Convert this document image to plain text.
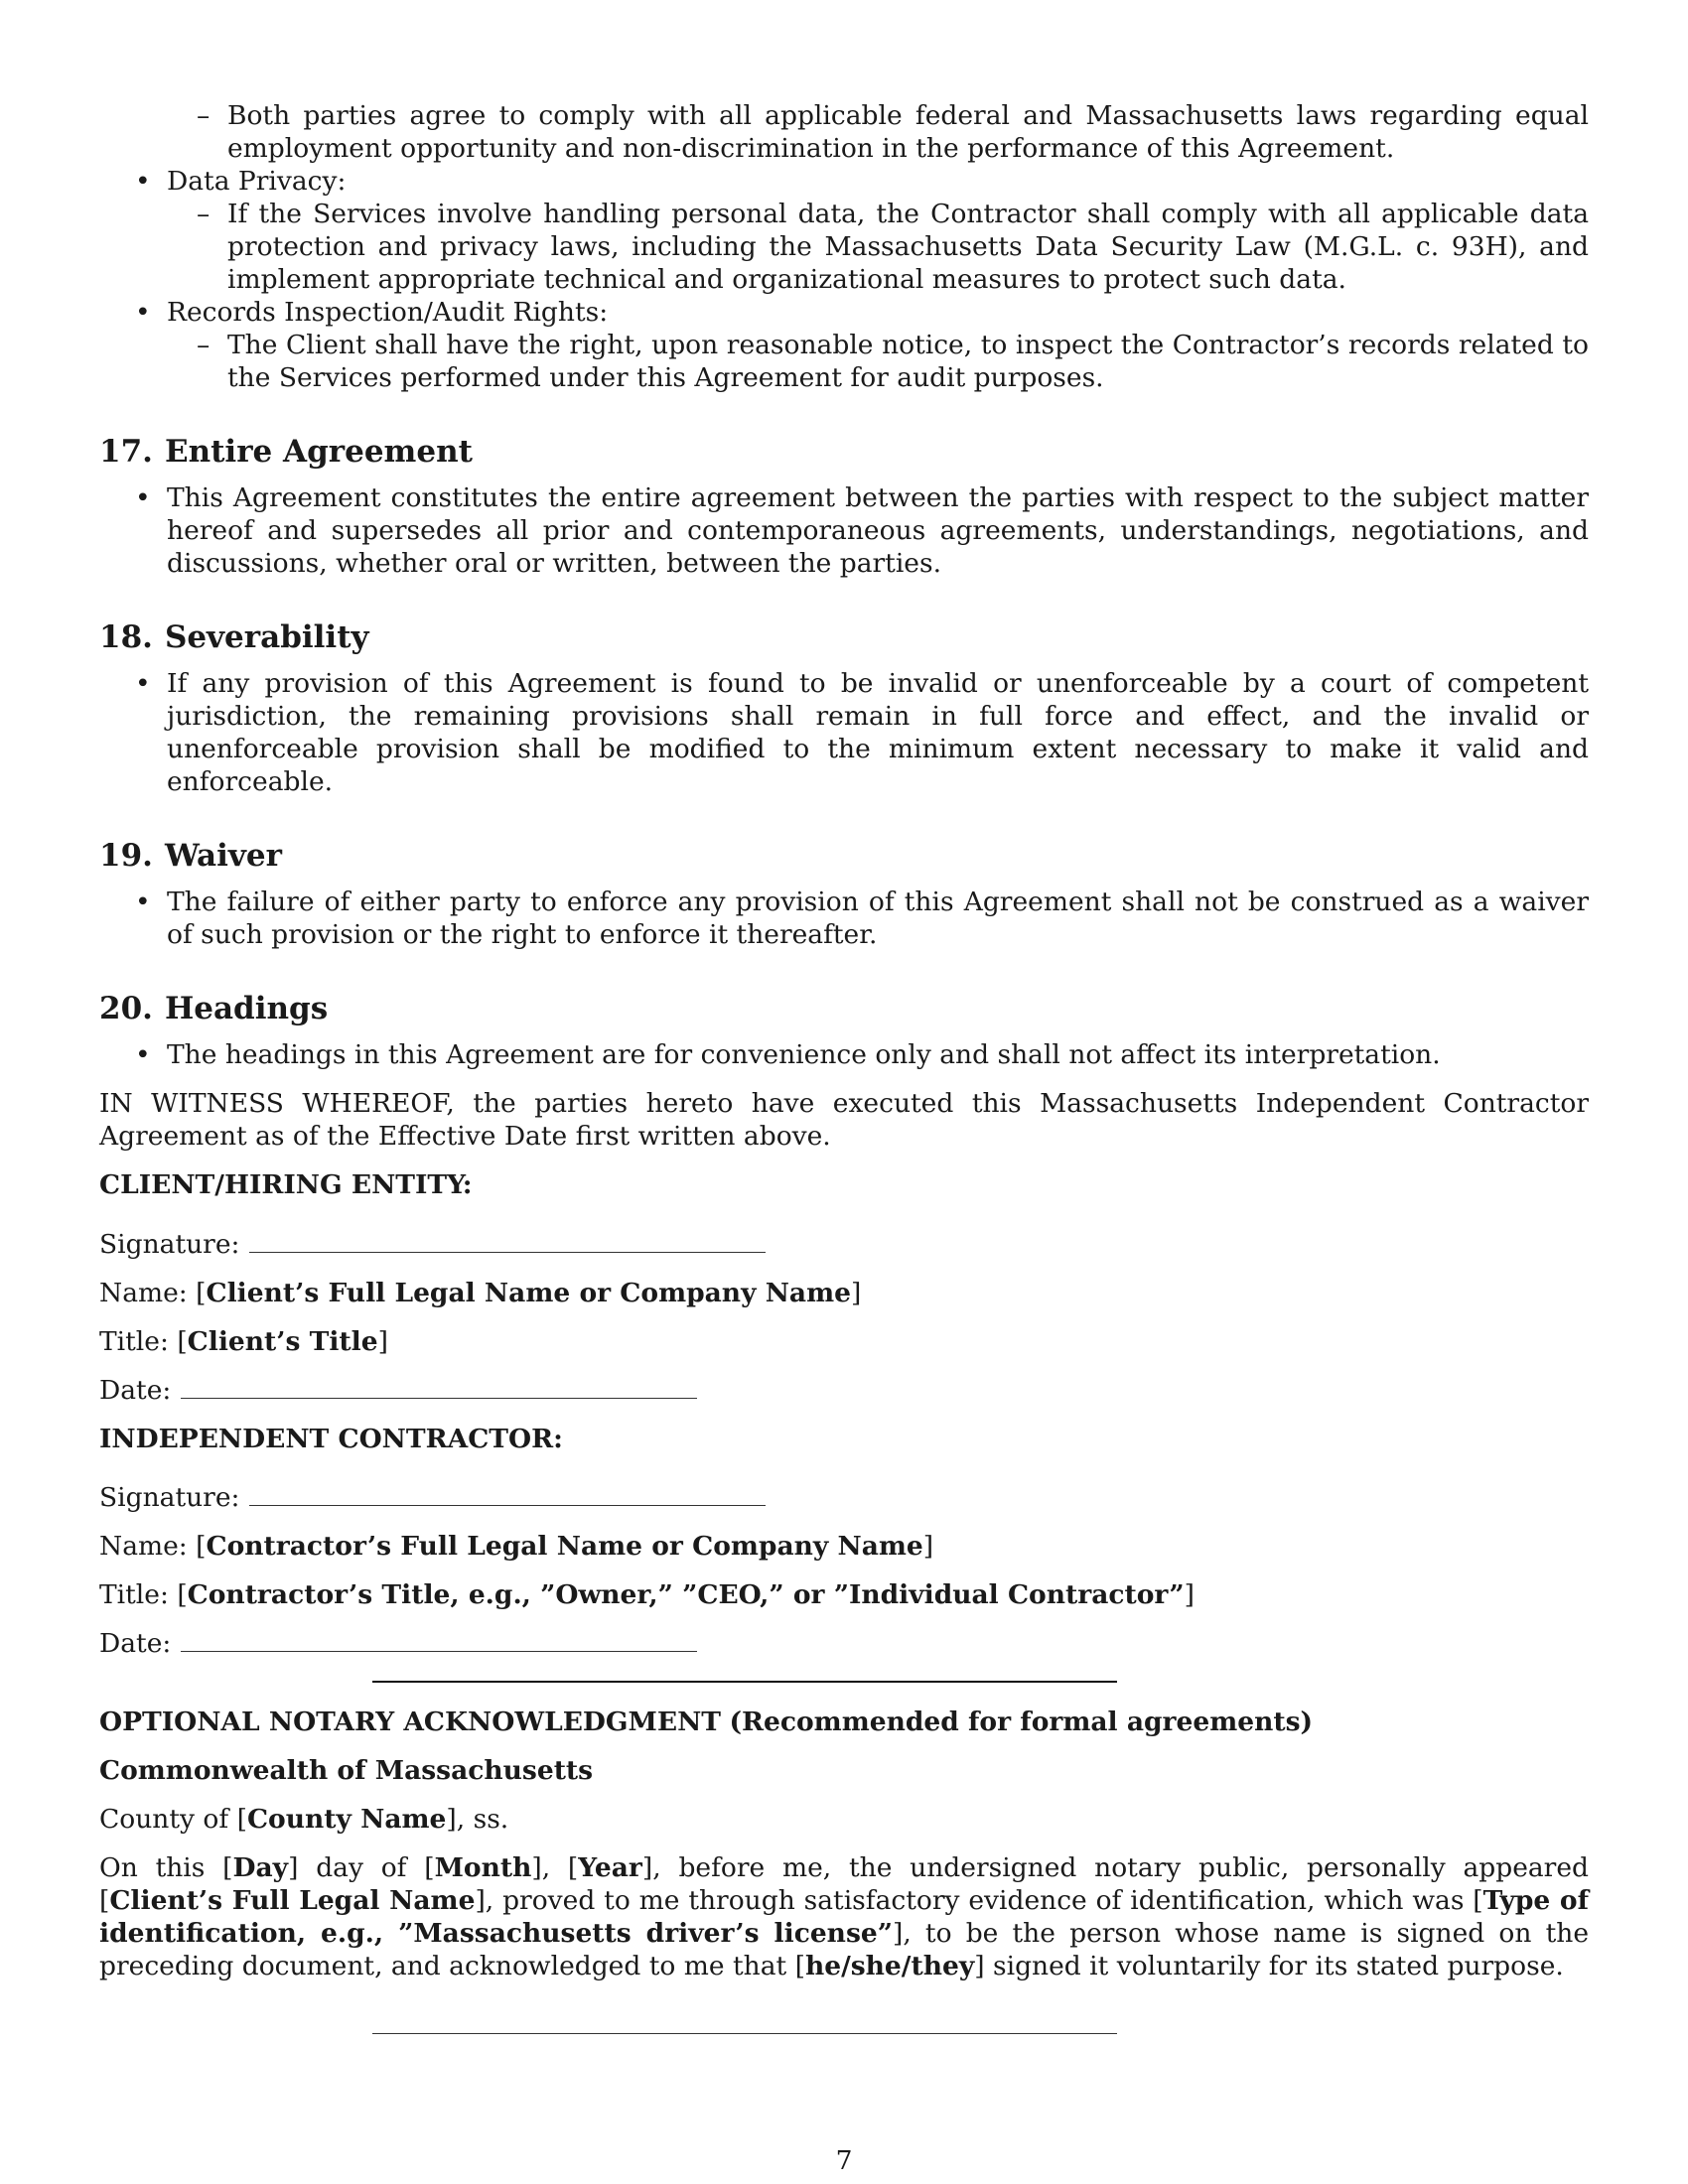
– Both parties agree to comply with all applicable federal and Massachusetts laws regarding equal employment opportunity and non-discrimination in the performance of this Agreement.
• Data Privacy:
– If the Services involve handling personal data, the Contractor shall comply with all applicable data protection and privacy laws, including the Massachusetts Data Security Law (M.G.L. c. 93H), and implement appropriate technical and organizational measures to protect such data.
• Records Inspection/Audit Rights:
– The Client shall have the right, upon reasonable notice, to inspect the Contractor’s records related to the Services performed under this Agreement for audit purposes.
17. Entire Agreement
• This Agreement constitutes the entire agreement between the parties with respect to the subject matter hereof and supersedes all prior and contemporaneous agreements, understandings, negotiations, and discussions, whether oral or written, between the parties.
18. Severability
• If any provision of this Agreement is found to be invalid or unenforceable by a court of competent jurisdiction, the remaining provisions shall remain in full force and effect, and the invalid or unenforceable provision shall be modified to the minimum extent necessary to make it valid and enforceable.
19. Waiver
• The failure of either party to enforce any provision of this Agreement shall not be construed as a waiver of such provision or the right to enforce it thereafter.
20. Headings
• The headings in this Agreement are for convenience only and shall not affect its interpretation.

IN WITNESS WHEREOF, the parties hereto have executed this Massachusetts Independent Contractor Agreement as of the Effective Date first written above.

CLIENT/HIRING ENTITY:

Signature:

Name: [Client’s Full Legal Name or Company Name]

Title: [Client’s Title]

Date:

INDEPENDENT CONTRACTOR:

Signature:

Name: [Contractor’s Full Legal Name or Company Name]

Title: [Contractor’s Title, e.g., ”Owner,” ”CEO,” or ”Individual Contractor”]

Date:

OPTIONAL NOTARY ACKNOWLEDGMENT (Recommended for formal agreements)

Commonwealth of Massachusetts

County of [County Name], ss.

On this [Day] day of [Month], [Year], before me, the undersigned notary public, personally appeared [Client’s Full Legal Name], proved to me through satisfactory evidence of identification, which was [Type of identification, e.g., ”Massachusetts driver’s license”], to be the person whose name is signed on the preceding document, and acknowledged to me that [he/she/they] signed it voluntarily for its stated purpose.

7
